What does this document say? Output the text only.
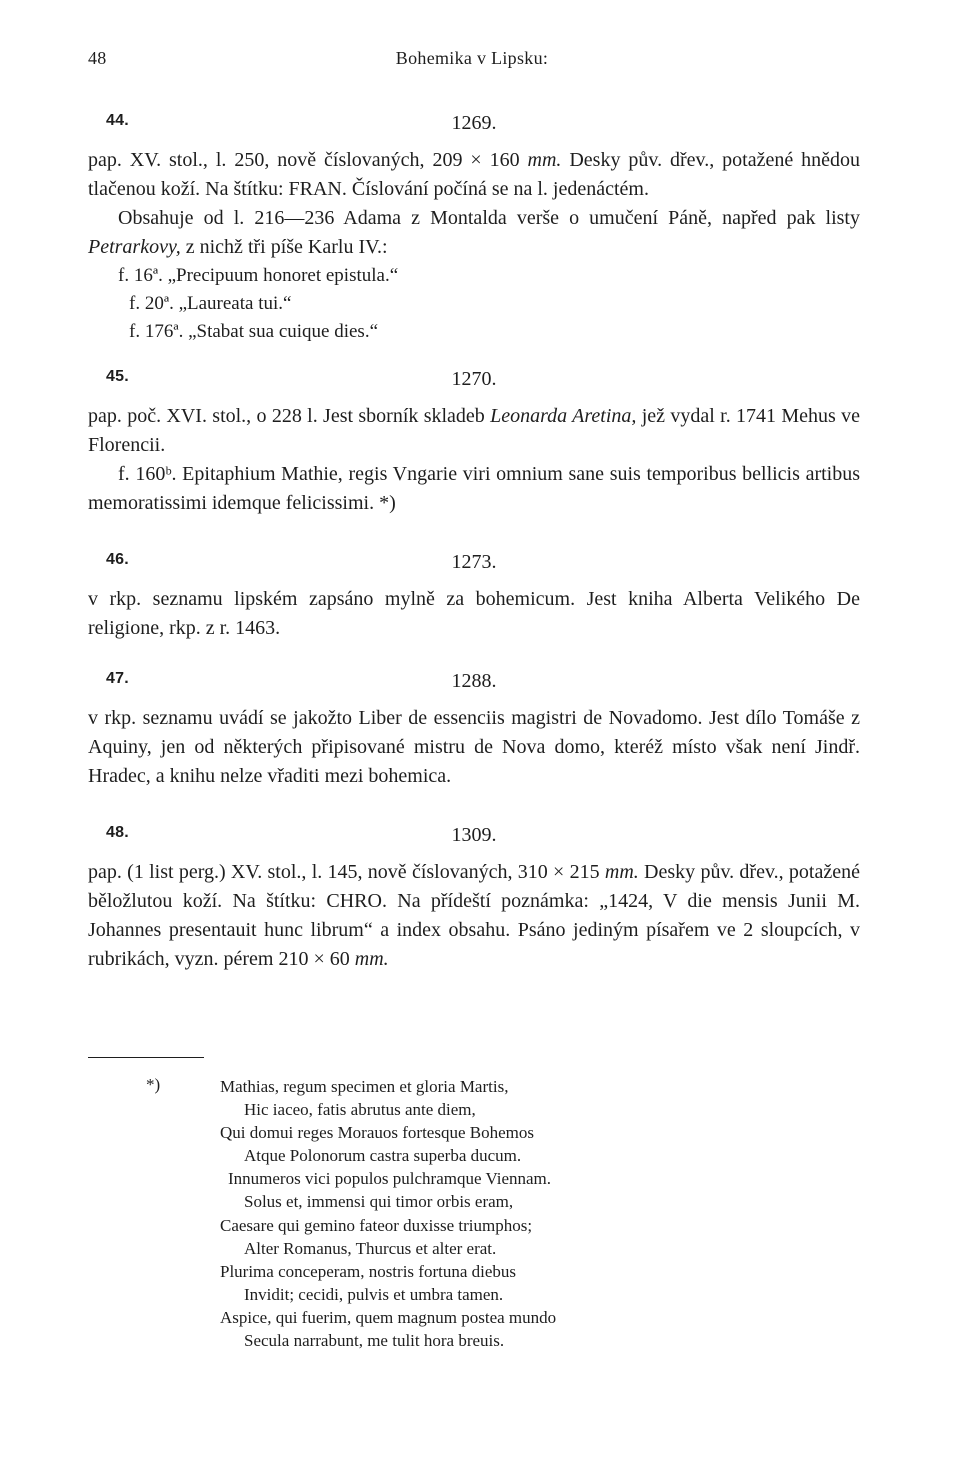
48	Bohemika v Lipsku:
44.	1269.

pap. XV. stol., l. 250, nově číslovaných, 209 × 160 mm. Desky pův. dřev., potažené hnědou tlačenou koží. Na štítku: FRAN. Číslování počíná se na l. jedenáctém.

Obsahuje od l. 216—236 Adama z Montalda verše o umučení Páně, napřed pak listy Petrarkovy, z nichž tři píše Karlu IV.:

f. 16ª. „Precipuum honoret epistula.“

f. 20ª. „Laureata tui.“

f. 176ª. „Stabat sua cuique dies.“

45.	1270.

pap. poč. XVI. stol., o 228 l. Jest sborník skladeb Leonarda Aretina, jež vydal r. 1741 Mehus ve Florencii.

f. 160ᵇ. Epitaphium Mathie, regis Vngarie viri omnium sane suis temporibus bellicis artibus memoratissimi idemque felicissimi. *)

46.	1273.

v rkp. seznamu lipském zapsáno mylně za bohemicum. Jest kniha Alberta Velikého De religione, rkp. z r. 1463.

47.	1288.

v rkp. seznamu uvádí se jakožto Liber de essenciis magistri de Novadomo. Jest dílo Tomáše z Aquiny, jen od některých připisované mistru de Nova domo, kteréž místo však není Jindř. Hradec, a knihu nelze vřaditi mezi bohemica.

48.	1309.

pap. (1 list perg.) XV. stol., l. 145, nově číslovaných, 310 × 215 mm. Desky pův. dřev., potažené běložlutou koží. Na štítku: CHRO. Na přídeští poznámka: „1424, V die mensis Junii M. Johannes presentauit hunc librum“ a index obsahu. Psáno jediným písařem ve 2 sloupcích, v rubrikách, vyzn. pérem 210 × 60 mm.

*)	Mathias, regum specimen et gloria Martis,

Hic iaceo, fatis abrutus ante diem,

Qui domui reges Morauos fortesque Bohemos

Atque Polonorum castra superba ducum.

Innumeros vici populos pulchramque Viennam.

Solus et, immensi qui timor orbis eram,

Caesare qui gemino fateor duxisse triumphos;

Alter Romanus, Thurcus et alter erat.

Plurima conceperam, nostris fortuna diebus

Invidit; cecidi, pulvis et umbra tamen.

Aspice, qui fuerim, quem magnum postea mundo

Secula narrabunt, me tulit hora breuis.
